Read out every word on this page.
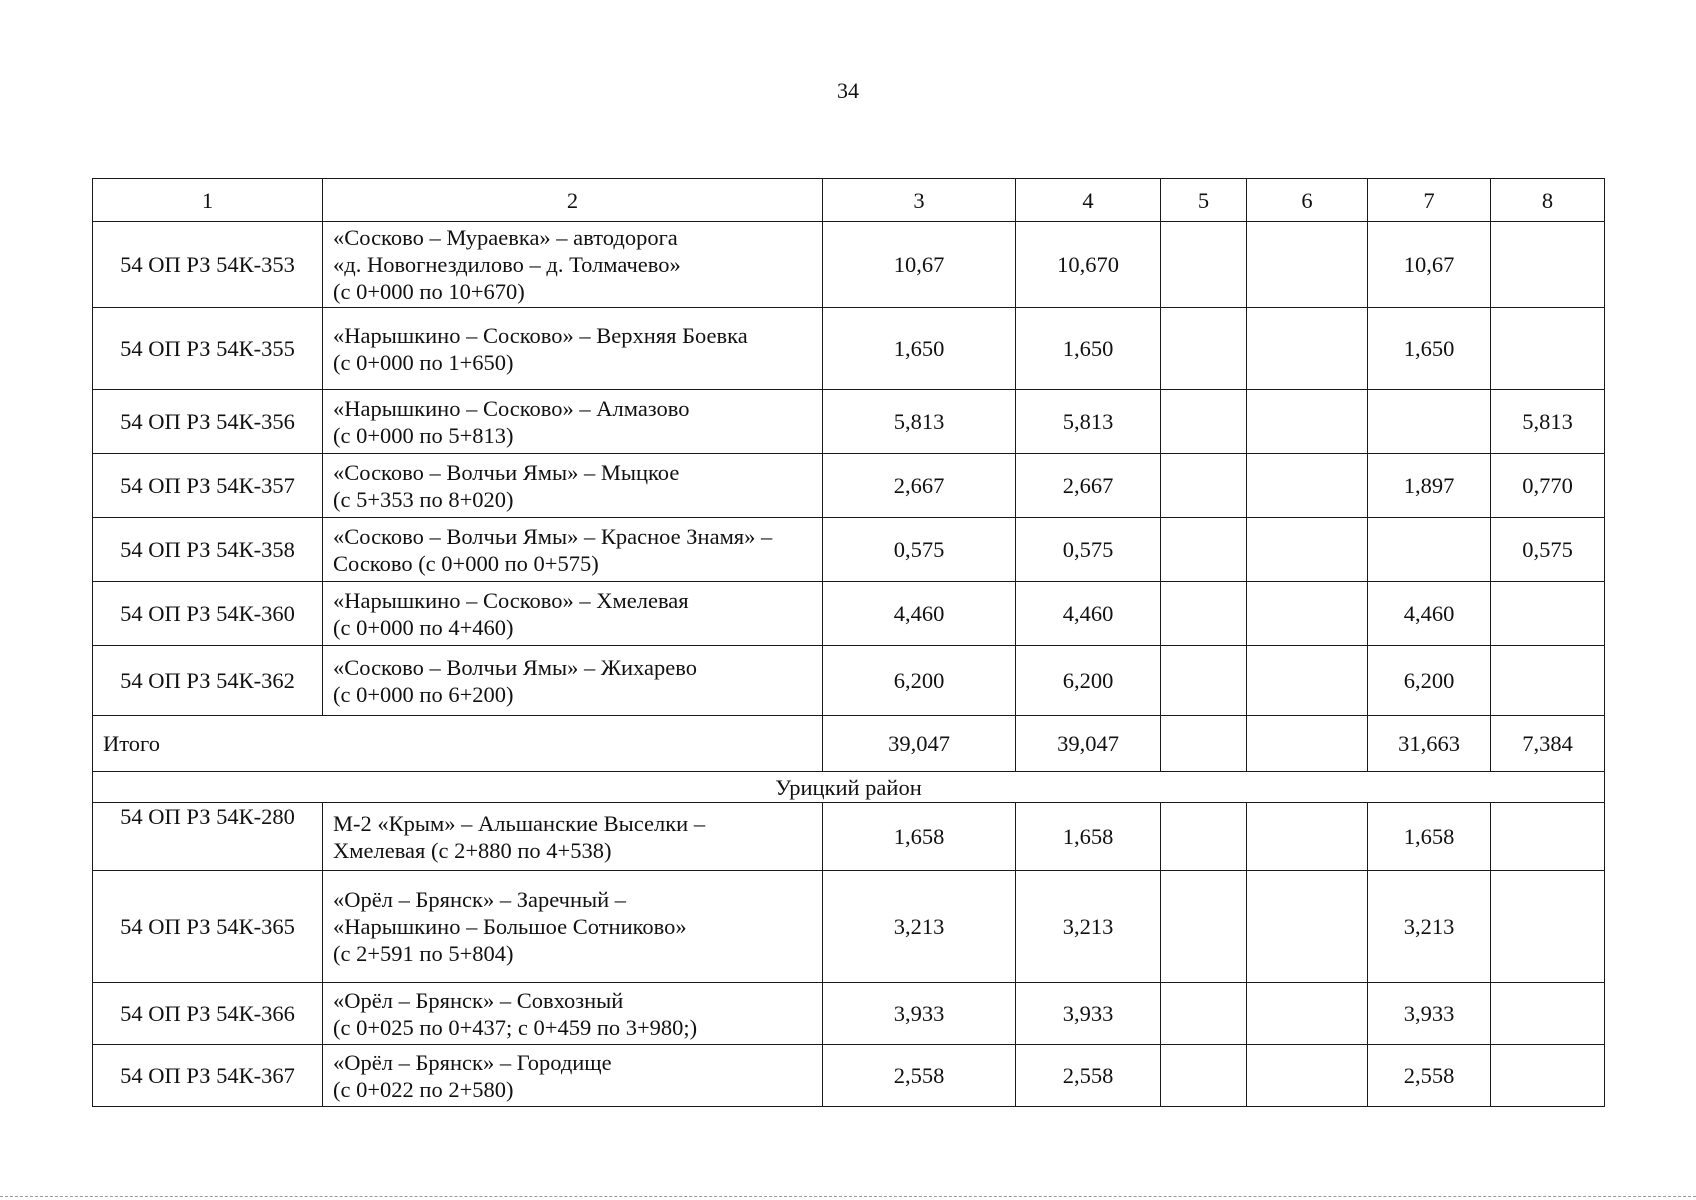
34
1	2	3	4	5	6	7	8
54 ОП РЗ 54К-353	«Сосково – Мураевка» – автодорога
«д. Новогнездилово – д. Толмачево»
(с 0+000 по 10+670)	10,67	10,670			10,67	
54 ОП РЗ 54К-355	«Нарышкино – Сосково» – Верхняя Боевка
(с 0+000 по 1+650)	1,650	1,650			1,650	
54 ОП РЗ 54К-356	«Нарышкино – Сосково» – Алмазово
(с 0+000 по 5+813)	5,813	5,813				5,813
54 ОП РЗ 54К-357	«Сосково – Волчьи Ямы» – Мыцкое
(с 5+353 по 8+020)	2,667	2,667			1,897	0,770
54 ОП РЗ 54К-358	«Сосково – Волчьи Ямы» – Красное Знамя» –
Сосково (с 0+000 по 0+575)	0,575	0,575				0,575
54 ОП РЗ 54К-360	«Нарышкино – Сосково» – Хмелевая
(с 0+000 по 4+460)	4,460	4,460			4,460	
54 ОП РЗ 54К-362	«Сосково – Волчьи Ямы» – Жихарево
(с 0+000 по 6+200)	6,200	6,200			6,200	
Итого		39,047	39,047			31,663	7,384
Урицкий район							
54 ОП РЗ 54К-280	М-2 «Крым» – Альшанские Выселки –
Хмелевая (с 2+880 по 4+538)	1,658	1,658			1,658	
54 ОП РЗ 54К-365	«Орёл – Брянск» – Заречный –
«Нарышкино – Большое Сотниково»
(с 2+591 по 5+804)	3,213	3,213			3,213	
54 ОП РЗ 54К-366	«Орёл – Брянск» – Совхозный
(с 0+025 по 0+437; с 0+459 по 3+980;)	3,933	3,933			3,933	
54 ОП РЗ 54К-367	«Орёл – Брянск» – Городище
(с 0+022 по 2+580)	2,558	2,558			2,558	
